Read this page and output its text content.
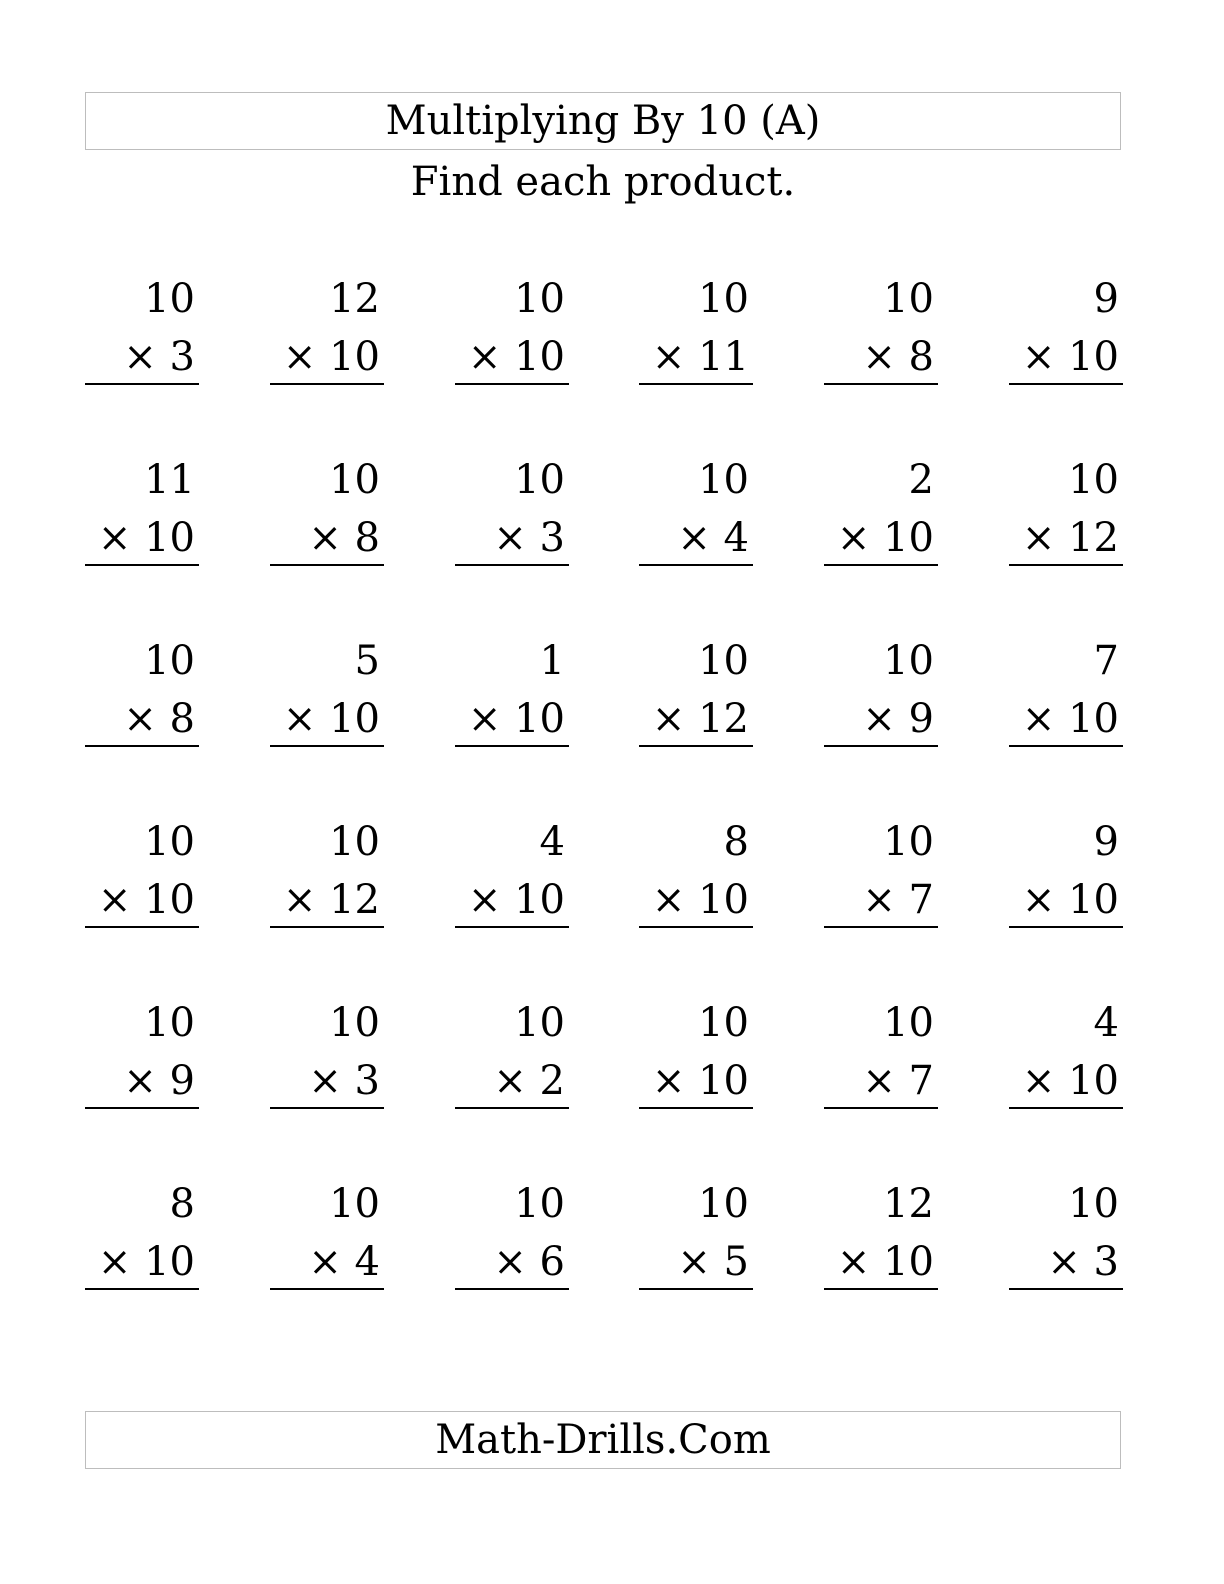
Multiplying By 10 (A)
Find each product.
10
× 3
12
× 10
10
× 10
10
× 11
10
× 8
9
× 10
11
× 10
10
× 8
10
× 3
10
× 4
2
× 10
10
× 12
10
× 8
5
× 10
1
× 10
10
× 12
10
× 9
7
× 10
10
× 10
10
× 12
4
× 10
8
× 10
10
× 7
9
× 10
10
× 9
10
× 3
10
× 2
10
× 10
10
× 7
4
× 10
8
× 10
10
× 4
10
× 6
10
× 5
12
× 10
10
× 3
Math-Drills.Com
